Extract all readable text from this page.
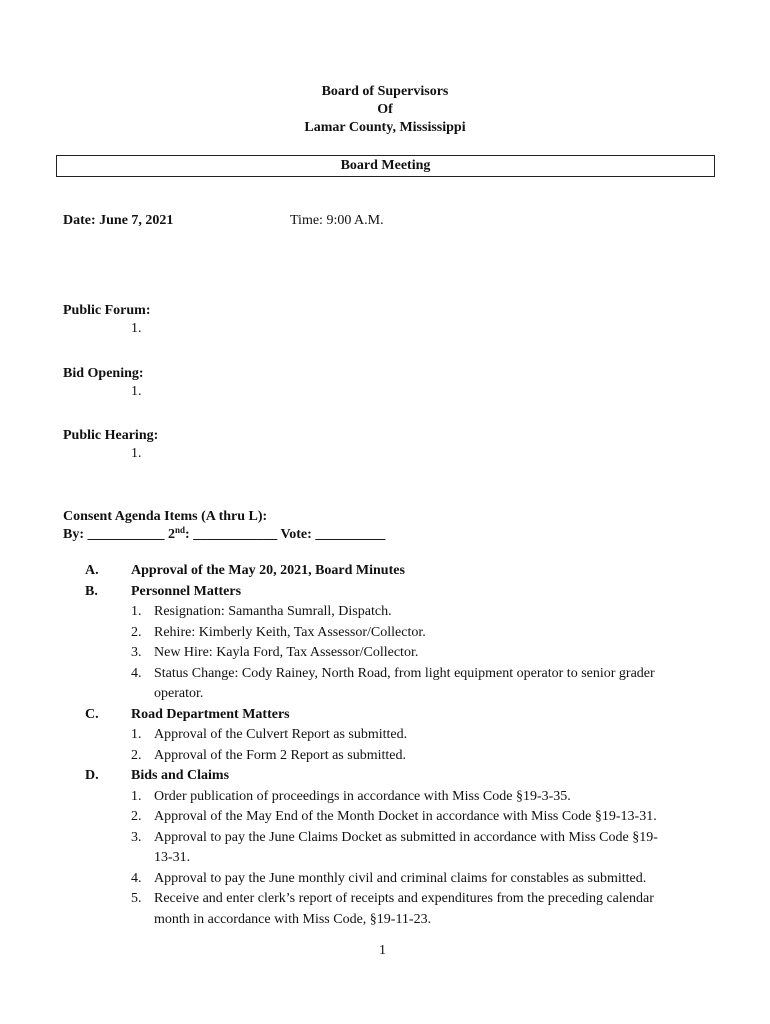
Board of Supervisors
Of
Lamar County, Mississippi
Board Meeting
Date: June 7, 2021	Time: 9:00 A.M.
Public Forum:
1.
Bid Opening:
1.
Public Hearing:
1.
Consent Agenda Items (A thru L):
By: ___________ 2nd: ____________ Vote: __________
A. Approval of the May 20, 2021, Board Minutes
B. Personnel Matters
1. Resignation: Samantha Sumrall, Dispatch.
2. Rehire: Kimberly Keith, Tax Assessor/Collector.
3. New Hire: Kayla Ford, Tax Assessor/Collector.
4. Status Change: Cody Rainey, North Road, from light equipment operator to senior grader
operator.
C. Road Department Matters
1. Approval of the Culvert Report as submitted.
2. Approval of the Form 2 Report as submitted.
D. Bids and Claims
1. Order publication of proceedings in accordance with Miss Code §19-3-35.
2. Approval of the May End of the Month Docket in accordance with Miss Code §19-13-31.
3. Approval to pay the June Claims Docket as submitted in accordance with Miss Code §19-
13-31.
4. Approval to pay the June monthly civil and criminal claims for constables as submitted.
5. Receive and enter clerk’s report of receipts and expenditures from the preceding calendar
month in accordance with Miss Code, §19-11-23.
1
